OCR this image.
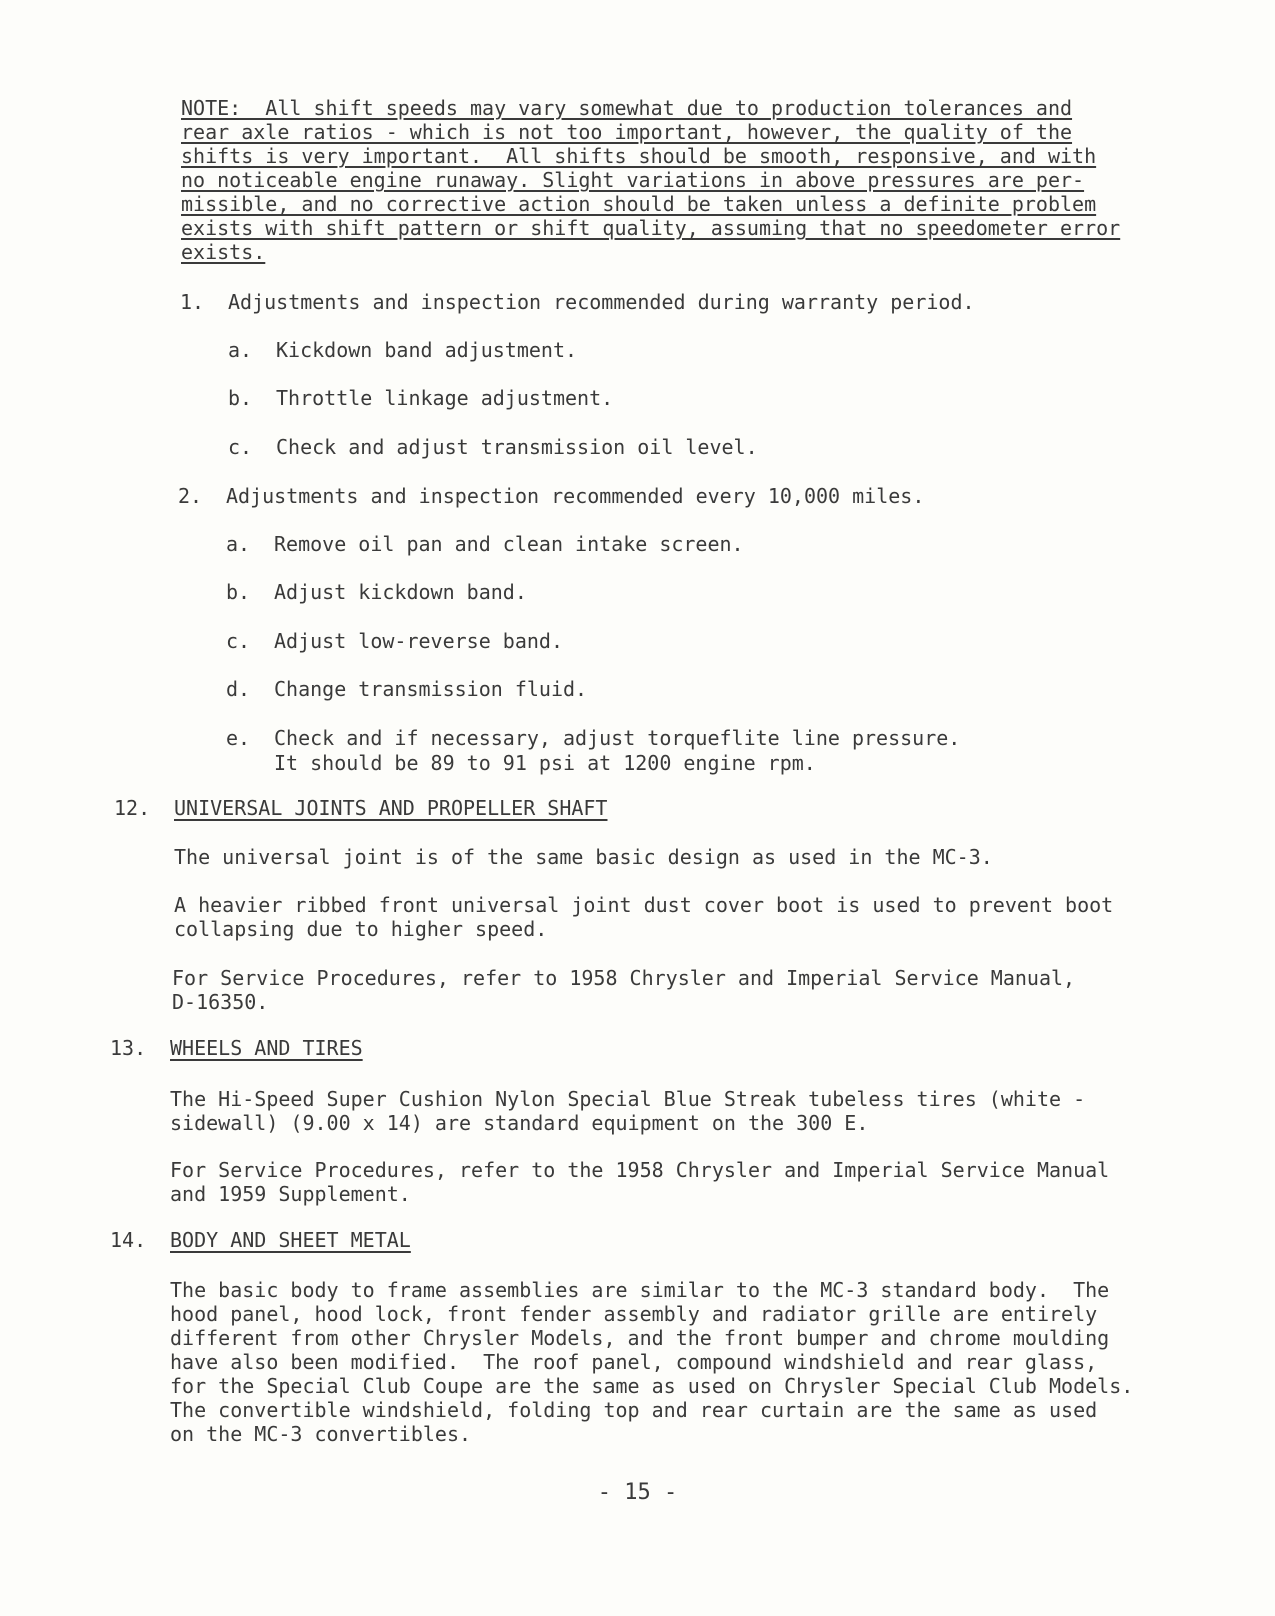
NOTE:  All shift speeds may vary somewhat due to production tolerances and
rear axle ratios - which is not too important, however, the quality of the
shifts is very important.  All shifts should be smooth, responsive, and with
no noticeable engine runaway. Slight variations in above pressures are per-
missible, and no corrective action should be taken unless a definite problem
exists with shift pattern or shift quality, assuming that no speedometer error
exists.
1. Adjustments and inspection recommended during warranty period.
a. Kickdown band adjustment.
b. Throttle linkage adjustment.
c. Check and adjust transmission oil level.
2. Adjustments and inspection recommended every 10,000 miles.
a. Remove oil pan and clean intake screen.
b. Adjust kickdown band.
c. Adjust low-reverse band.
d. Change transmission fluid.
e. Check and if necessary, adjust torqueflite line pressure.
It should be 89 to 91 psi at 1200 engine rpm.
12. UNIVERSAL JOINTS AND PROPELLER SHAFT
The universal joint is of the same basic design as used in the MC-3.
A heavier ribbed front universal joint dust cover boot is used to prevent boot
collapsing due to higher speed.
For Service Procedures, refer to 1958 Chrysler and Imperial Service Manual,
D-16350.
13. WHEELS AND TIRES
The Hi-Speed Super Cushion Nylon Special Blue Streak tubeless tires (white -
sidewall) (9.00 x 14) are standard equipment on the 300 E.
For Service Procedures, refer to the 1958 Chrysler and Imperial Service Manual
and 1959 Supplement.
14. BODY AND SHEET METAL
The basic body to frame assemblies are similar to the MC-3 standard body.  The
hood panel, hood lock, front fender assembly and radiator grille are entirely
different from other Chrysler Models, and the front bumper and chrome moulding
have also been modified.  The roof panel, compound windshield and rear glass,
for the Special Club Coupe are the same as used on Chrysler Special Club Models.
The convertible windshield, folding top and rear curtain are the same as used
on the MC-3 convertibles.
- 15 -
